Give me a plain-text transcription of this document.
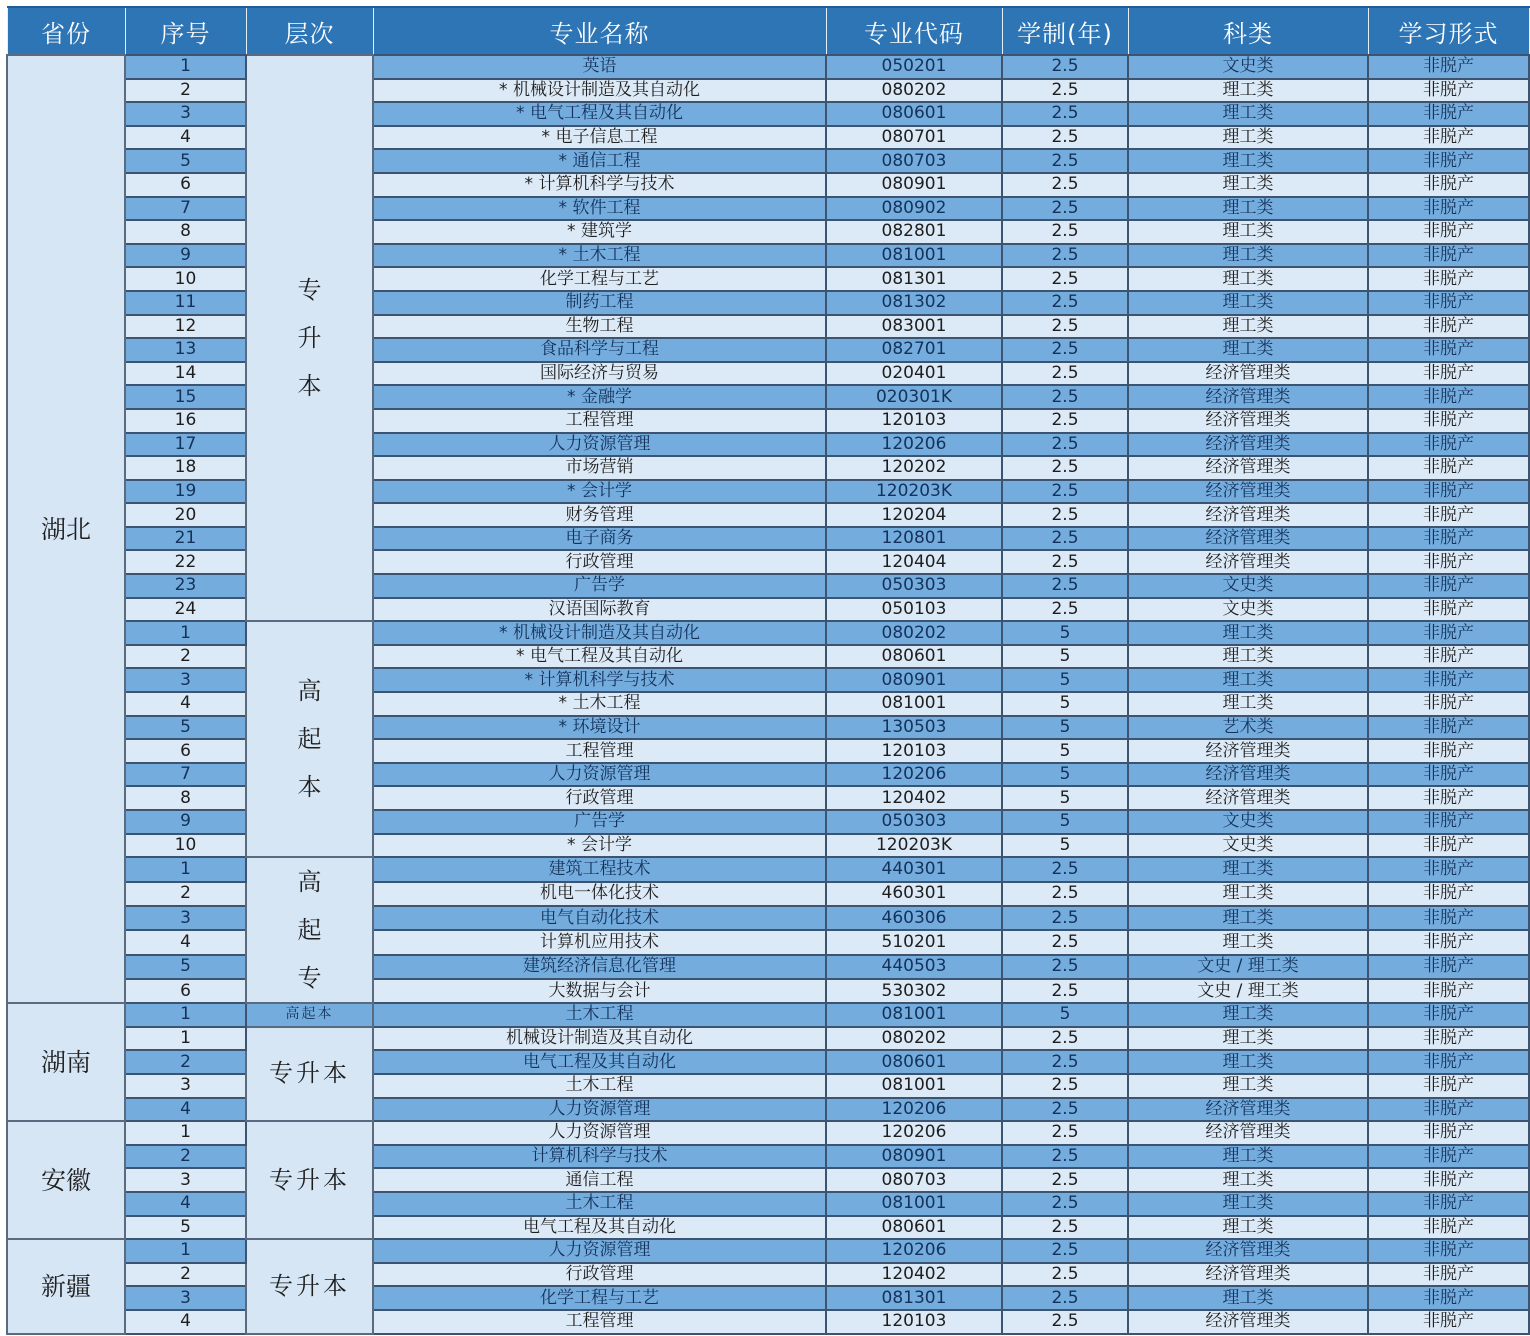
省份	序号	层次	专业名称	专业代码	学制(年)	科类	学习形式
湖北	1	专升本	英语	050201	2.5	文史类	非脱产
	2		* 机械设计制造及其自动化	080202	2.5	理工类	非脱产
	3		* 电气工程及其自动化	080601	2.5	理工类	非脱产
	4		* 电子信息工程	080701	2.5	理工类	非脱产
	5		* 通信工程	080703	2.5	理工类	非脱产
	6		* 计算机科学与技术	080901	2.5	理工类	非脱产
	7		* 软件工程	080902	2.5	理工类	非脱产
	8		* 建筑学	082801	2.5	理工类	非脱产
	9		* 土木工程	081001	2.5	理工类	非脱产
	10		化学工程与工艺	081301	2.5	理工类	非脱产
	11		制药工程	081302	2.5	理工类	非脱产
	12		生物工程	083001	2.5	理工类	非脱产
	13		食品科学与工程	082701	2.5	理工类	非脱产
	14		国际经济与贸易	020401	2.5	经济管理类	非脱产
	15		* 金融学	020301K	2.5	经济管理类	非脱产
	16		工程管理	120103	2.5	经济管理类	非脱产
	17		人力资源管理	120206	2.5	经济管理类	非脱产
	18		市场营销	120202	2.5	经济管理类	非脱产
	19		* 会计学	120203K	2.5	经济管理类	非脱产
	20		财务管理	120204	2.5	经济管理类	非脱产
	21		电子商务	120801	2.5	经济管理类	非脱产
	22		行政管理	120404	2.5	经济管理类	非脱产
	23		广告学	050303	2.5	文史类	非脱产
	24		汉语国际教育	050103	2.5	文史类	非脱产
	1	高起本	* 机械设计制造及其自动化	080202	5	理工类	非脱产
	2		* 电气工程及其自动化	080601	5	理工类	非脱产
	3		* 计算机科学与技术	080901	5	理工类	非脱产
	4		* 土木工程	081001	5	理工类	非脱产
	5		* 环境设计	130503	5	艺术类	非脱产
	6		工程管理	120103	5	经济管理类	非脱产
	7		人力资源管理	120206	5	经济管理类	非脱产
	8		行政管理	120402	5	经济管理类	非脱产
	9		广告学	050303	5	文史类	非脱产
	10		* 会计学	120203K	5	文史类	非脱产
	1	高起专	建筑工程技术	440301	2.5	理工类	非脱产
	2		机电一体化技术	460301	2.5	理工类	非脱产
	3		电气自动化技术	460306	2.5	理工类	非脱产
	4		计算机应用技术	510201	2.5	理工类	非脱产
	5		建筑经济信息化管理	440503	2.5	文史 / 理工类	非脱产
	6		大数据与会计	530302	2.5	文史 / 理工类	非脱产
湖南	1	高起本	土木工程	081001	5	理工类	非脱产
	1	专升本	机械设计制造及其自动化	080202	2.5	理工类	非脱产
	2		电气工程及其自动化	080601	2.5	理工类	非脱产
	3		土木工程	081001	2.5	理工类	非脱产
	4		人力资源管理	120206	2.5	经济管理类	非脱产
安徽	1	专升本	人力资源管理	120206	2.5	经济管理类	非脱产
	2		计算机科学与技术	080901	2.5	理工类	非脱产
	3		通信工程	080703	2.5	理工类	非脱产
	4		土木工程	081001	2.5	理工类	非脱产
	5		电气工程及其自动化	080601	2.5	理工类	非脱产
新疆	1	专升本	人力资源管理	120206	2.5	经济管理类	非脱产
	2		行政管理	120402	2.5	经济管理类	非脱产
	3		化学工程与工艺	081301	2.5	理工类	非脱产
	4		工程管理	120103	2.5	经济管理类	非脱产
